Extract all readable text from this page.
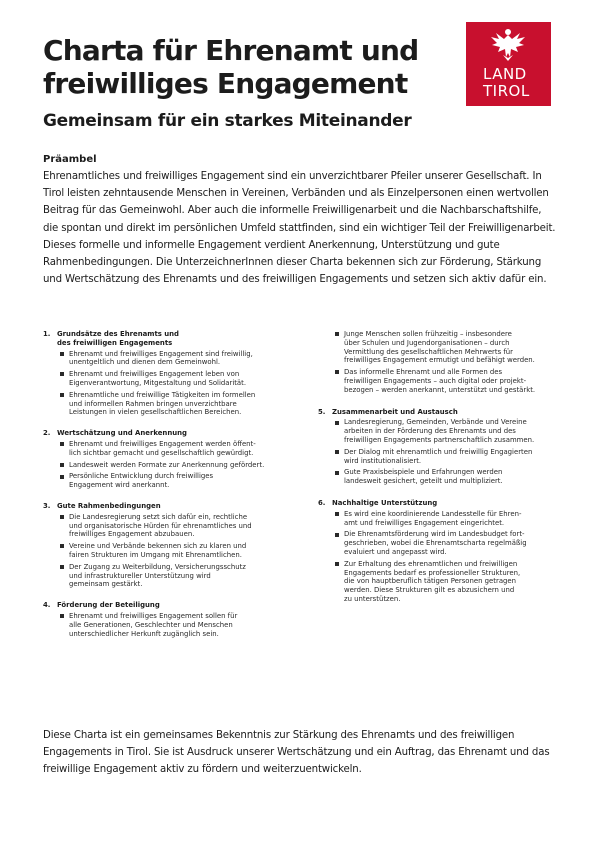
Charta für Ehrenamt und freiwilliges Engagement
Gemeinsam für ein starkes Miteinander
LAND
TIROL
Präambel

Ehrenamtliches und freiwilliges Engagement sind ein unverzichtbarer Pfeiler unserer Gesellschaft. In Tirol leisten zehntausende Menschen in Vereinen, Verbänden und als Einzelpersonen einen wertvollen Beitrag für das Gemeinwohl. Aber auch die informelle Freiwilligenarbeit und die Nachbarschaftshilfe, die spontan und direkt im persönlichen Umfeld stattfinden, sind ein wichtiger Teil der Freiwilligenarbeit. Dieses formelle und informelle Engagement verdient Anerkennung, Unterstützung und gute Rahmenbedingungen. Die UnterzeichnerInnen dieser Charta bekennen sich zur Förderung, Stärkung und Wertschätzung des Ehrenamts und des freiwilligen Engagements und setzen sich aktiv dafür ein.

1. Grundsätze des Ehrenamts und
des freiwilligen Engagements
Ehrenamt und freiwilliges Engagement sind freiwillig,
unentgeltlich und dienen dem Gemeinwohl.
Ehrenamt und freiwilliges Engagement leben von
Eigenverantwortung, Mitgestaltung und Solidarität.
Ehrenamtliche und freiwillige Tätigkeiten im formellen
und informellen Rahmen bringen unverzichtbare
Leistungen in vielen gesellschaftlichen Bereichen.
2. Wertschätzung und Anerkennung
Ehrenamt und freiwilliges Engagement werden öffent-
lich sichtbar gemacht und gesellschaftlich gewürdigt.
Landesweit werden Formate zur Anerkennung gefördert.
Persönliche Entwicklung durch freiwilliges
Engagement wird anerkannt.
3. Gute Rahmenbedingungen
Die Landesregierung setzt sich dafür ein, rechtliche
und organisatorische Hürden für ehrenamtliches und
freiwilliges Engagement abzubauen.
Vereine und Verbände bekennen sich zu klaren und
fairen Strukturen im Umgang mit Ehrenamtlichen.
Der Zugang zu Weiterbildung, Versicherungsschutz
und infrastruktureller Unterstützung wird
gemeinsam gestärkt.
4. Förderung der Beteiligung
Ehrenamt und freiwilliges Engagement sollen für
alle Generationen, Geschlechter und Menschen
unterschiedlicher Herkunft zugänglich sein.
Junge Menschen sollen frühzeitig – insbesondere
über Schulen und Jugendorganisationen – durch
Vermittlung des gesellschaftlichen Mehrwerts für
freiwilliges Engagement ermutigt und befähigt werden.
Das informelle Ehrenamt und alle Formen des
freiwilligen Engagements – auch digital oder projekt-
bezogen – werden anerkannt, unterstützt und gestärkt.
5. Zusammenarbeit und Austausch
Landesregierung, Gemeinden, Verbände und Vereine
arbeiten in der Förderung des Ehrenamts und des
freiwilligen Engagements partnerschaftlich zusammen.
Der Dialog mit ehrenamtlich und freiwillig Engagierten
wird institutionalisiert.
Gute Praxisbeispiele und Erfahrungen werden
landesweit gesichert, geteilt und multipliziert.
6. Nachhaltige Unterstützung
Es wird eine koordinierende Landesstelle für Ehren-
amt und freiwilliges Engagement eingerichtet.
Die Ehrenamtsförderung wird im Landesbudget fort-
geschrieben, wobei die Ehrenamtscharta regelmäßig
evaluiert und angepasst wird.
Zur Erhaltung des ehrenamtlichen und freiwilligen
Engagements bedarf es professioneller Strukturen,
die von hauptberuflich tätigen Personen getragen
werden. Diese Strukturen gilt es abzusichern und
zu unterstützen.

Diese Charta ist ein gemeinsames Bekenntnis zur Stärkung des Ehrenamts und des freiwilligen Engagements in Tirol. Sie ist Ausdruck unserer Wertschätzung und ein Auftrag, das Ehrenamt und das freiwillige Engagement aktiv zu fördern und weiterzuentwickeln.
